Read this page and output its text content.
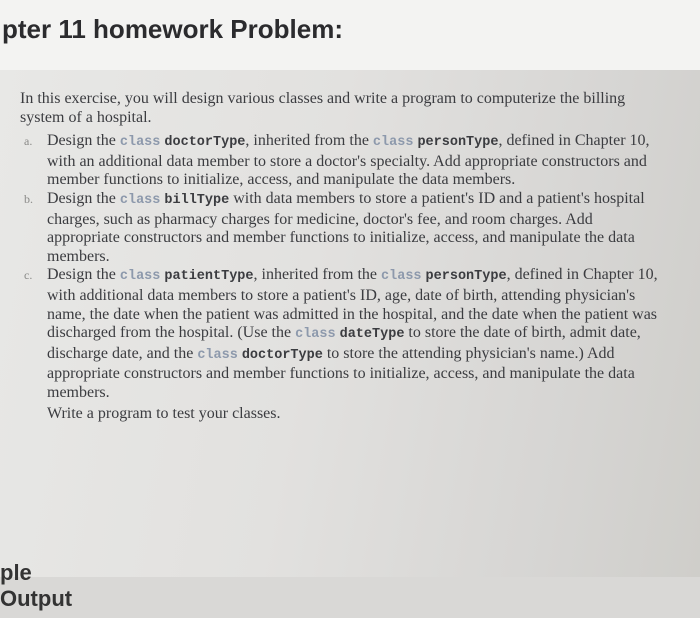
pter 11 homework Problem:
In this exercise, you will design various classes and write a program to computerize the billing system of a hospital.
a. Design the class doctorType, inherited from the class personType, defined in Chapter 10, with an additional data member to store a doctor's specialty. Add appropriate constructors and member functions to initialize, access, and manipulate the data members.
b. Design the class billType with data members to store a patient's ID and a patient's hospital charges, such as pharmacy charges for medicine, doctor's fee, and room charges. Add appropriate constructors and member functions to initialize, access, and manipulate the data members.
c. Design the class patientType, inherited from the class personType, defined in Chapter 10, with additional data members to store a patient's ID, age, date of birth, attending physician's name, the date when the patient was admitted in the hospital, and the date when the patient was discharged from the hospital. (Use the class dateType to store the date of birth, admit date, discharge date, and the class doctorType to store the attending physician's name.) Add appropriate constructors and member functions to initialize, access, and manipulate the data members.
Write a program to test your classes.
ple Output
